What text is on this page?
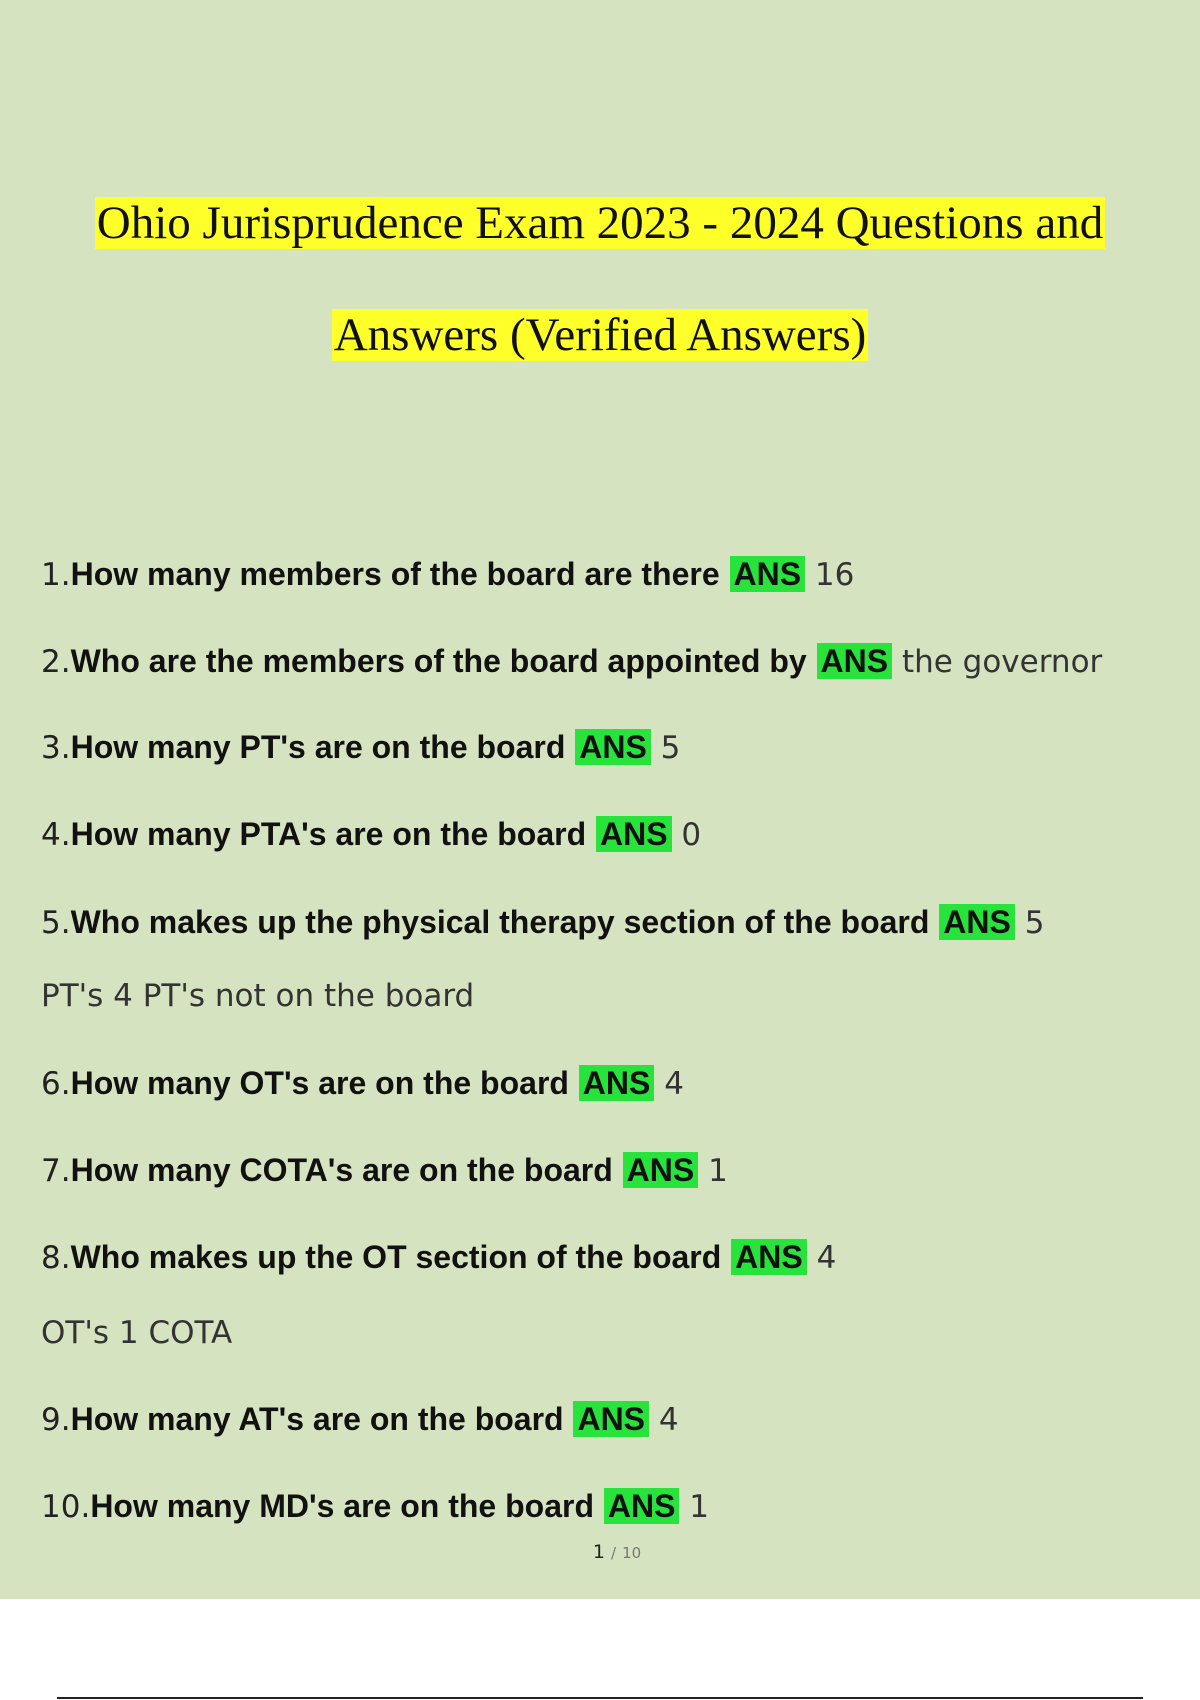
Ohio Jurisprudence Exam 2023 - 2024 Questions and
Answers (Verified Answers)
1.How many members of the board are there ANS 16
2.Who are the members of the board appointed by ANS the governor
3.How many PT's are on the board ANS 5
4.How many PTA's are on the board ANS 0
5.Who makes up the physical therapy section of the board ANS 5
PT's 4 PT's not on the board
6.How many OT's are on the board ANS 4
7.How many COTA's are on the board ANS 1
8.Who makes up the OT section of the board ANS 4
OT's 1 COTA
9.How many AT's are on the board ANS 4
10.How many MD's are on the board ANS 1
1 / 10
